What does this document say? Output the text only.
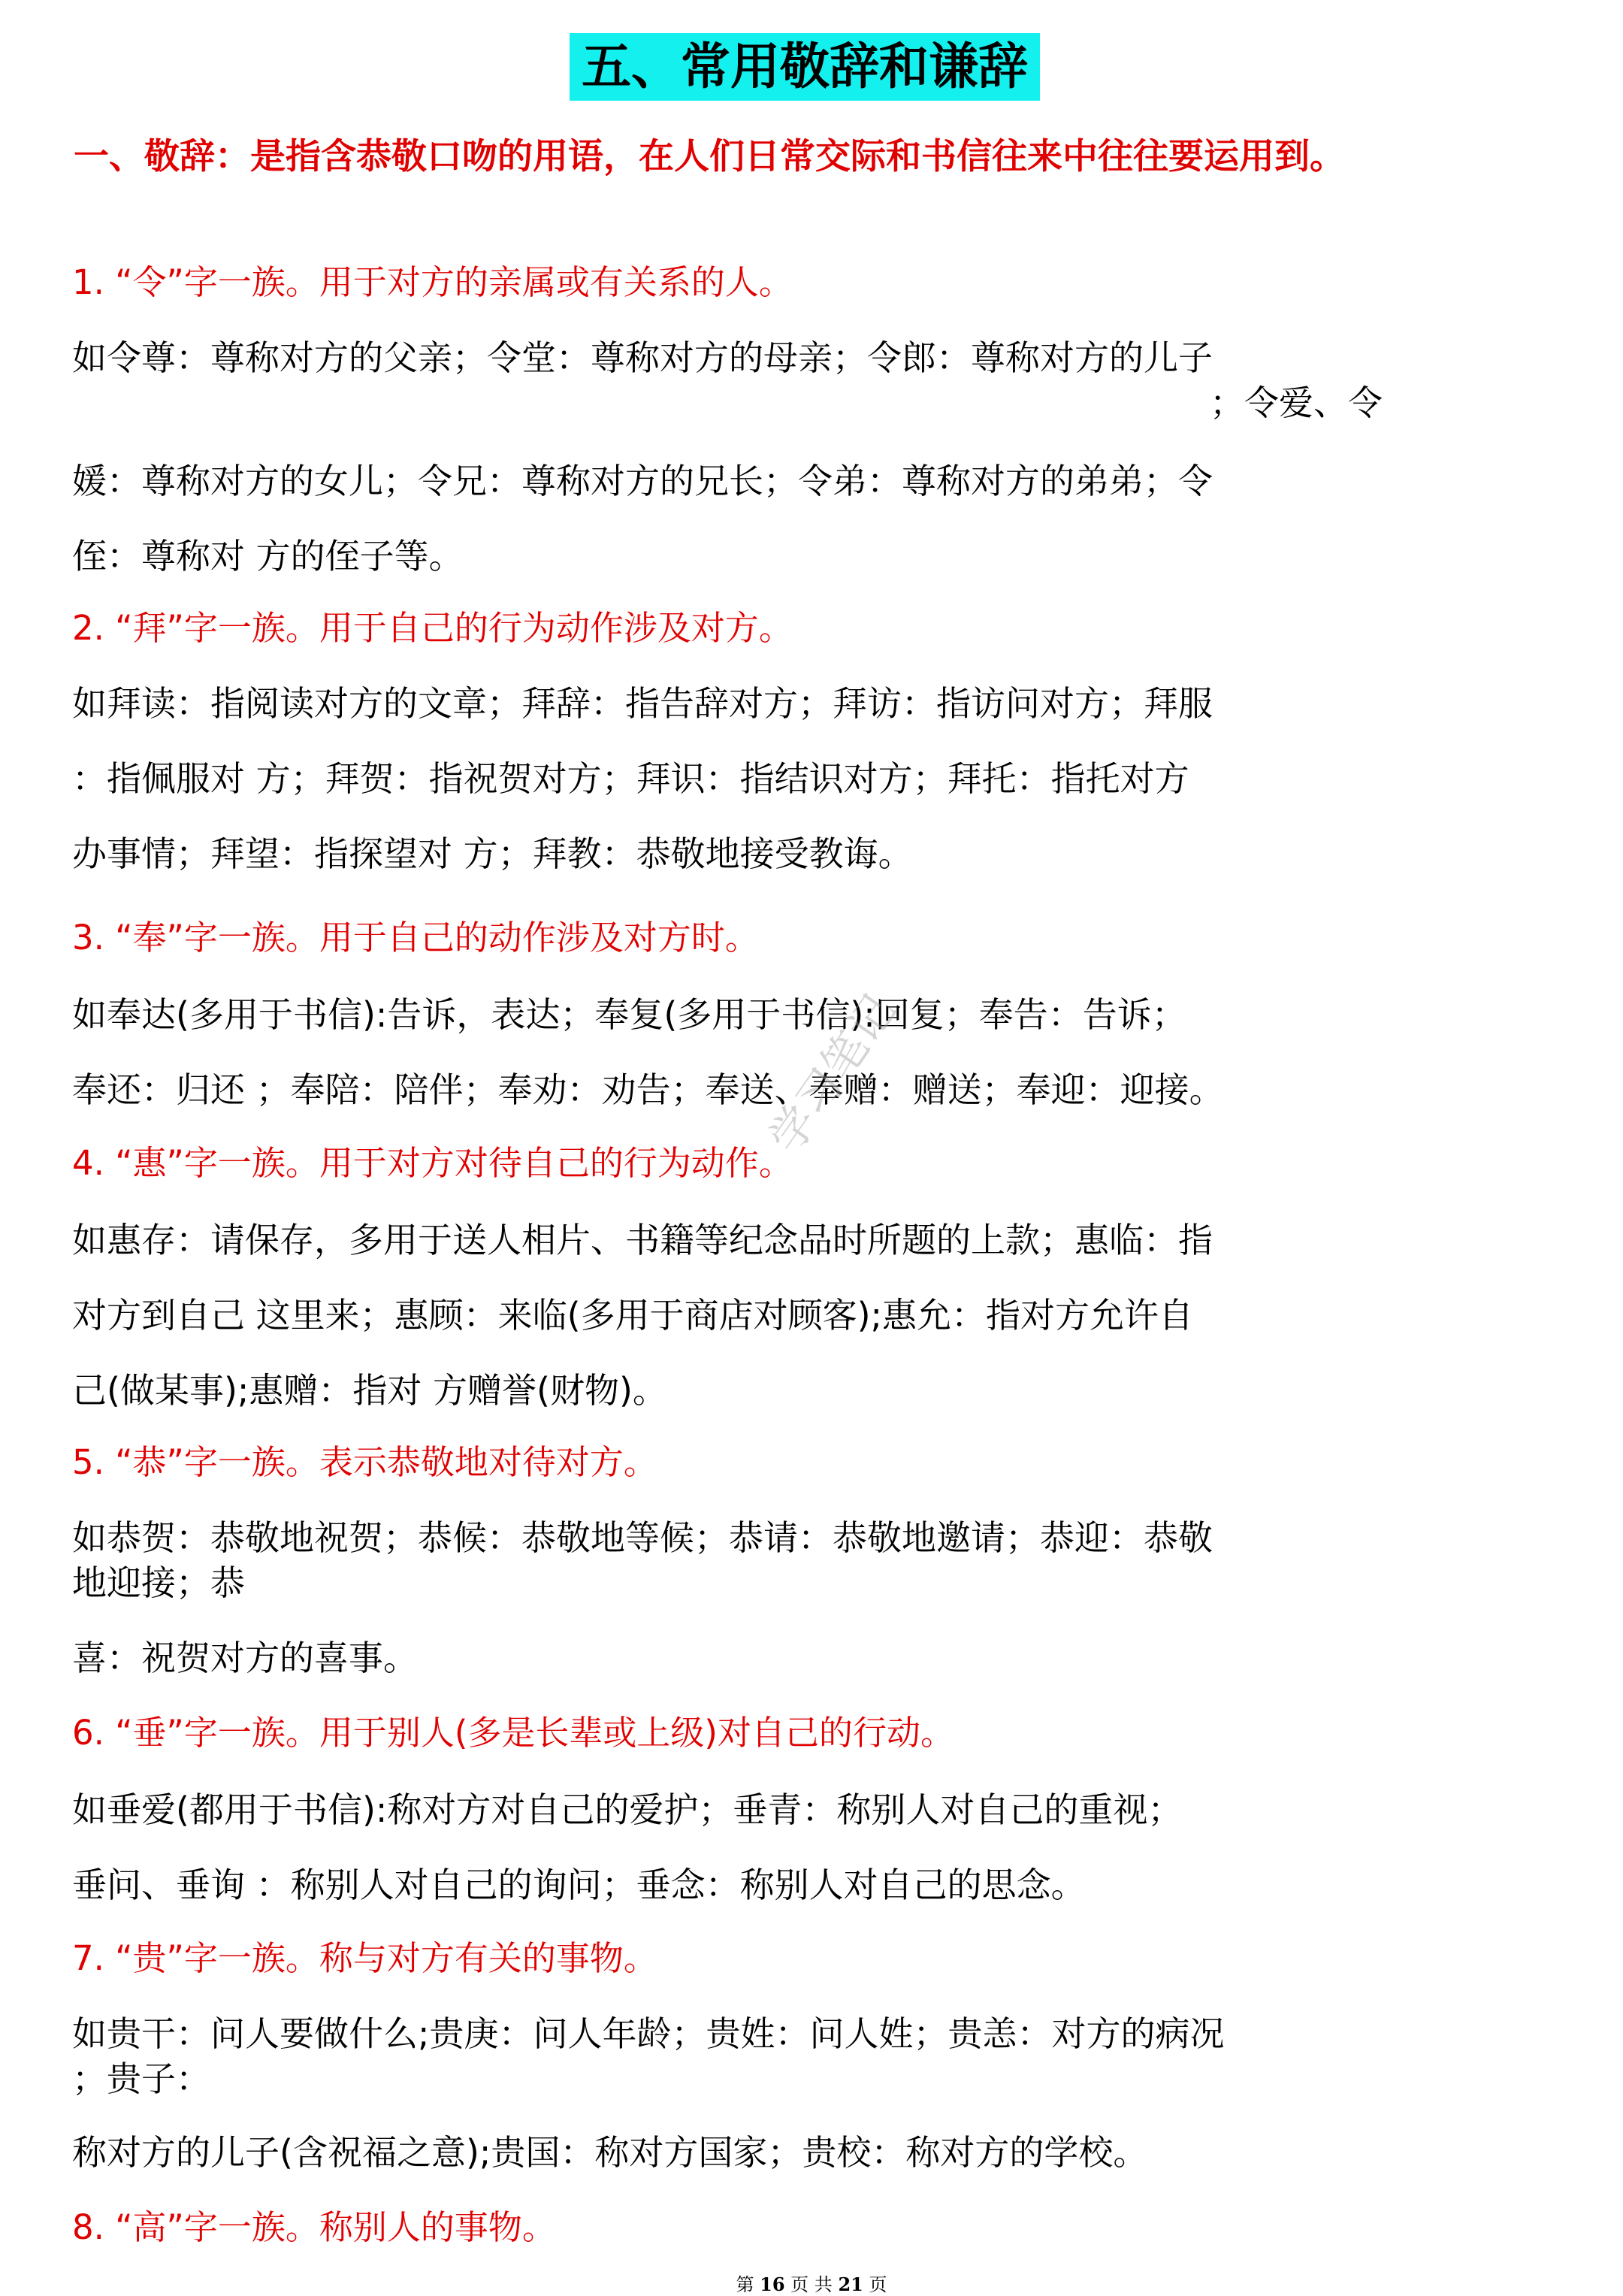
五、常用敬辞和谦辞
一、敬辞：是指含恭敬口吻的用语，在人们日常交际和书信往来中往往要运用到。
1. “令”字一族。用于对方的亲属或有关系的人。
如令尊：尊称对方的父亲；令堂：尊称对方的母亲；令郎：尊称对方的儿子
；令爱、令
媛：尊称对方的女儿；令兄：尊称对方的兄长；令弟：尊称对方的弟弟；令
侄：尊称对 方的侄子等。
2. “拜”字一族。用于自己的行为动作涉及对方。
如拜读：指阅读对方的文章；拜辞：指告辞对方；拜访：指访问对方；拜服
：指佩服对 方；拜贺：指祝贺对方；拜识：指结识对方；拜托：指托对方
办事情；拜望：指探望对 方；拜教：恭敬地接受教诲。
3. “奉”字一族。用于自己的动作涉及对方时。
如奉达(多用于书信):告诉，表达；奉复(多用于书信):回复；奉告：告诉；
奉还：归还 ；奉陪：陪伴；奉劝：劝告；奉送、奉赠：赠送；奉迎：迎接。
4. “惠”字一族。用于对方对待自己的行为动作。
如惠存：请保存，多用于送人相片、书籍等纪念品时所题的上款；惠临：指
对方到自己 这里来；惠顾：来临(多用于商店对顾客);惠允：指对方允许自
己(做某事);惠赠：指对 方赠誉(财物)。
5. “恭”字一族。表示恭敬地对待对方。
如恭贺：恭敬地祝贺；恭候：恭敬地等候；恭请：恭敬地邀请；恭迎：恭敬
地迎接；恭
喜：祝贺对方的喜事。
6. “垂”字一族。用于别人(多是长辈或上级)对自己的行动。
如垂爱(都用于书信):称对方对自己的爱护；垂青：称别人对自己的重视；
垂问、垂询 ：称别人对自己的询问；垂念：称别人对自己的思念。
7. “贵”字一族。称与对方有关的事物。
如贵干：问人要做什么;贵庚：问人年龄；贵姓：问人姓；贵恙：对方的病况
；贵子：
称对方的儿子(含祝福之意);贵国：称对方国家；贵校：称对方的学校。
8. “高”字一族。称别人的事物。
学习笔记
第 16 页 共 21 页
